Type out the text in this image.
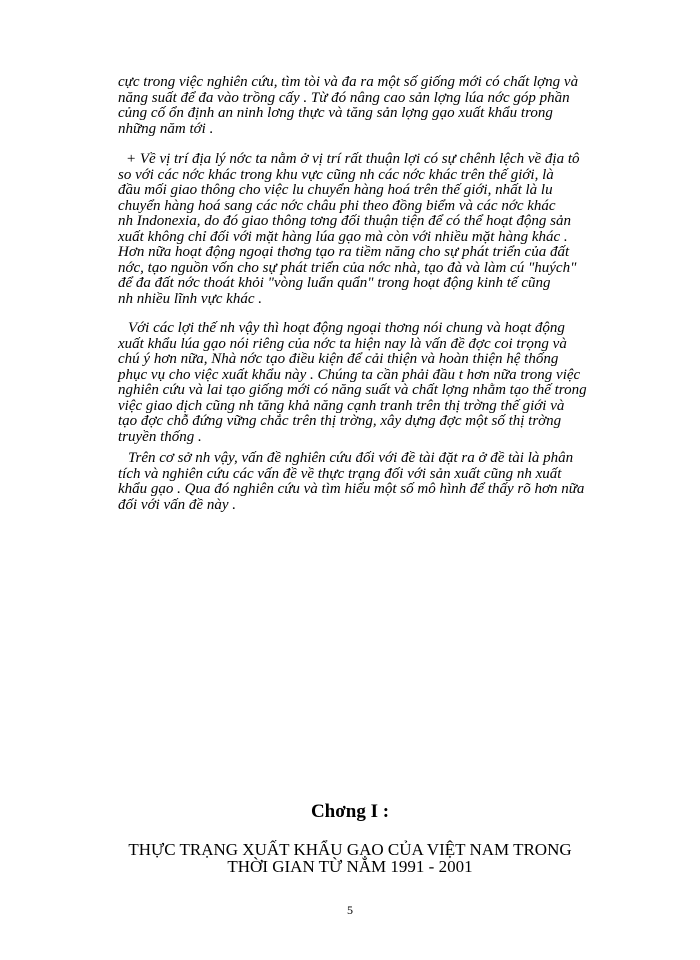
cực trong việc nghiên cứu, tìm tòi và đa ra một số giống mới có chất lợng và
năng suất để đa vào trồng cấy . Từ đó nâng cao sản lợng lúa nớc góp phần
củng cố ổn định an ninh lơng thực và tăng sản lợng gạo xuất khẩu trong
những năm tới .
+ Về vị trí địa lý nớc ta nằm ở vị trí rất thuận lợi có sự chênh lệch về địa tô
so với các nớc khác trong khu vực cũng nh các nớc khác trên thế giới, là
đầu mối giao thông cho việc lu chuyển hàng hoá trên thế giới, nhất là lu
chuyển hàng hoá sang các nớc châu phi theo đồng biểm và các nớc khác
nh Indonexia, do đó giao thông tơng đối thuận tiện để có thể hoạt động sản
xuất không chỉ đối với mặt hàng lúa gạo mà còn với nhiều mặt hàng khác .
Hơn nữa hoạt động ngoại thơng tạo ra tiềm năng cho sự phát triển của đất
nớc, tạo nguồn vốn cho sự phát triển của nớc nhà, tạo đà và làm cú "huých"
để đa đất nớc thoát khỏi "vòng luẩn quẩn" trong hoạt động kinh tế cũng
nh nhiều lĩnh vực khác .
Với các lợi thế nh vậy thì hoạt động ngoại thơng nói chung và hoạt động
xuất khẩu lúa gạo nói riêng của nớc ta hiện nay là vấn đề đợc coi trọng và
chú ý hơn nữa, Nhà nớc tạo điều kiện để cải thiện và hoàn thiện hệ thống
phục vụ cho việc xuất khẩu này . Chúng ta cần phải đầu t hơn nữa trong việc
nghiên cứu và lai tạo giống mới có năng suất và chất lợng nhằm tạo thế trong
việc giao dịch cũng nh tăng khả năng cạnh tranh trên thị trờng thế giới và
tạo đợc chỗ đứng vững chắc trên thị trờng, xây dựng đợc một số thị trờng
truyền thống .
Trên cơ sở nh vậy, vấn đề nghiên cứu đối với đề tài đặt ra ở đề tài là phân
tích và nghiên cứu các vấn đề về thực trạng đối với sản xuất cũng nh xuất
khẩu gạo . Qua đó nghiên cứu và tìm hiểu một số mô hình để thấy rõ hơn nữa
đối với vấn đề này .
Chơng I :
THỰC TRẠNG XUẤT KHẨU GẠO CỦA VIỆT NAM TRONG
THỜI GIAN TỪ NĂM 1991 - 2001
5
